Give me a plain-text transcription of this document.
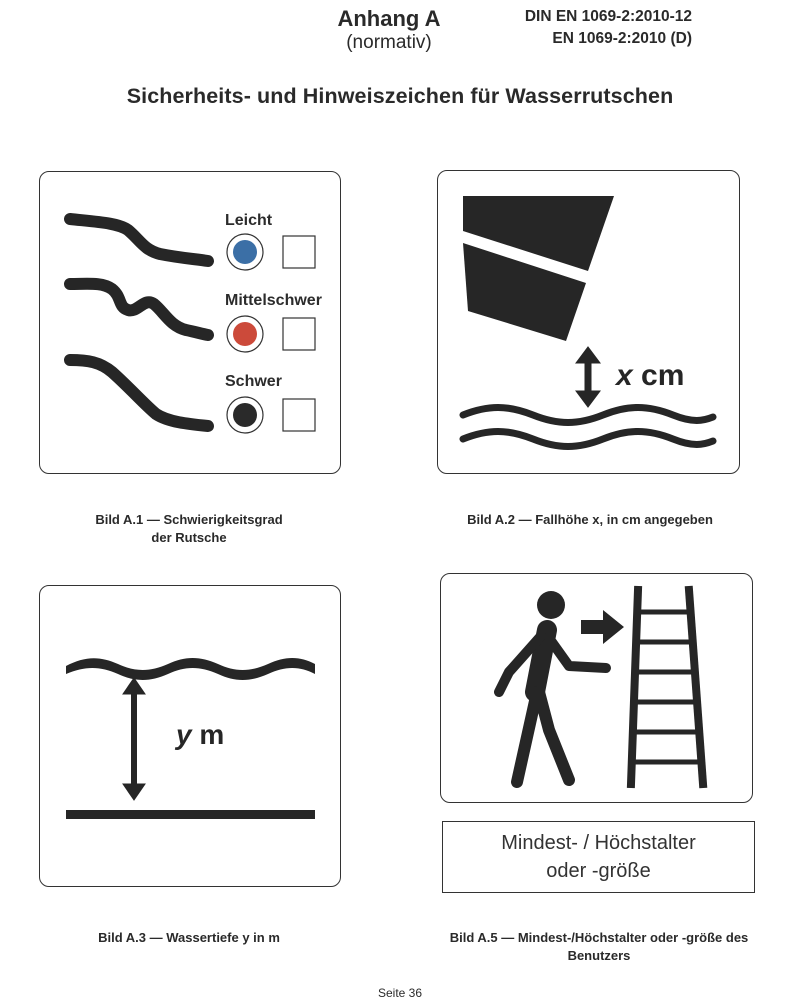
Anhang A
(normativ)
DIN EN 1069-2:2010-12
EN 1069-2:2010 (D)
Sicherheits- und Hinweiszeichen für Wasserrutschen
Leicht
Mittelschwer
Schwer
Bild A.1 — Schwierigkeitsgrad
der Rutsche
x cm
Bild A.2 — Fallhöhe x, in cm angegeben
y m
Bild A.3 — Wassertiefe y in m
Mindest- / Höchstalter
oder -größe
Bild A.5 — Mindest-/Höchstalter oder -größe des
Benutzers
Seite 36
